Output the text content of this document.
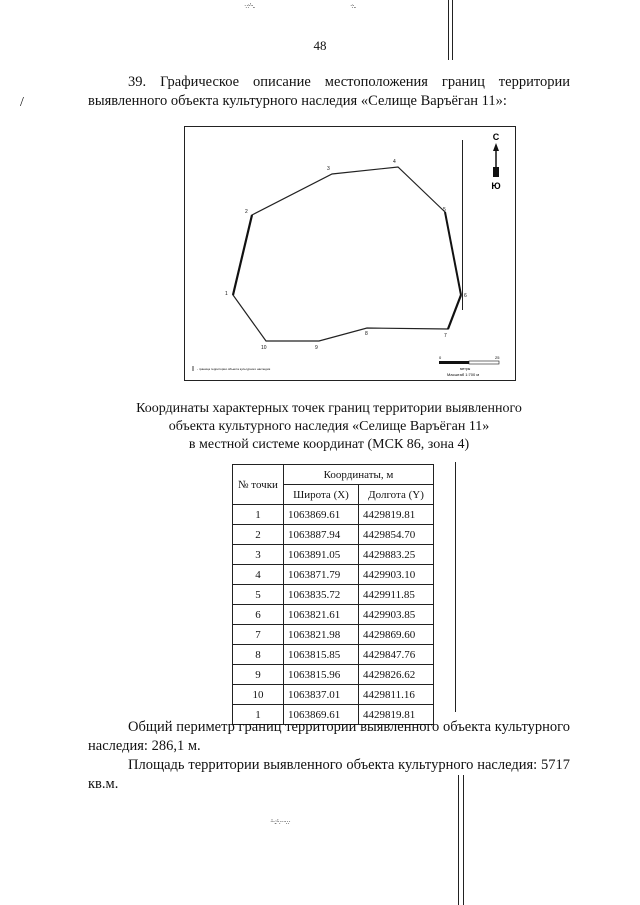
·.·:·'··..	·:·..
48
/
39. Графическое описание местоположения границ территории выявленного объекта культурного наследия «Селище Варъёган 11»:
2
3
4
5
6
7
8
9
10
1
С
Ю
0	25
метры
Масштаб 1:700 м
- граница территории объекта культурного наследия
Координаты характерных точек границ территории выявленного
объекта культурного наследия «Селище Варъёган 11»
в местной системе координат (МСК 86, зона 4)
№ точки	Координаты, м	
	Широта (X)	Долгота (Y)
1	1063869.61	4429819.81
2	1063887.94	4429854.70
3	1063891.05	4429883.25
4	1063871.79	4429903.10
5	1063835.72	4429911.85
6	1063821.61	4429903.85
7	1063821.98	4429869.60
8	1063815.85	4429847.76
9	1063815.96	4429826.62
10	1063837.01	4429811.16
1	1063869.61	4429819.81
Общий периметр границ территории выявленного объекта культурного наследия: 286,1 м.
Площадь территории выявленного объекта культурного наследия: 5717 кв.м.
·'··.:·'·.·· ··.·.·
